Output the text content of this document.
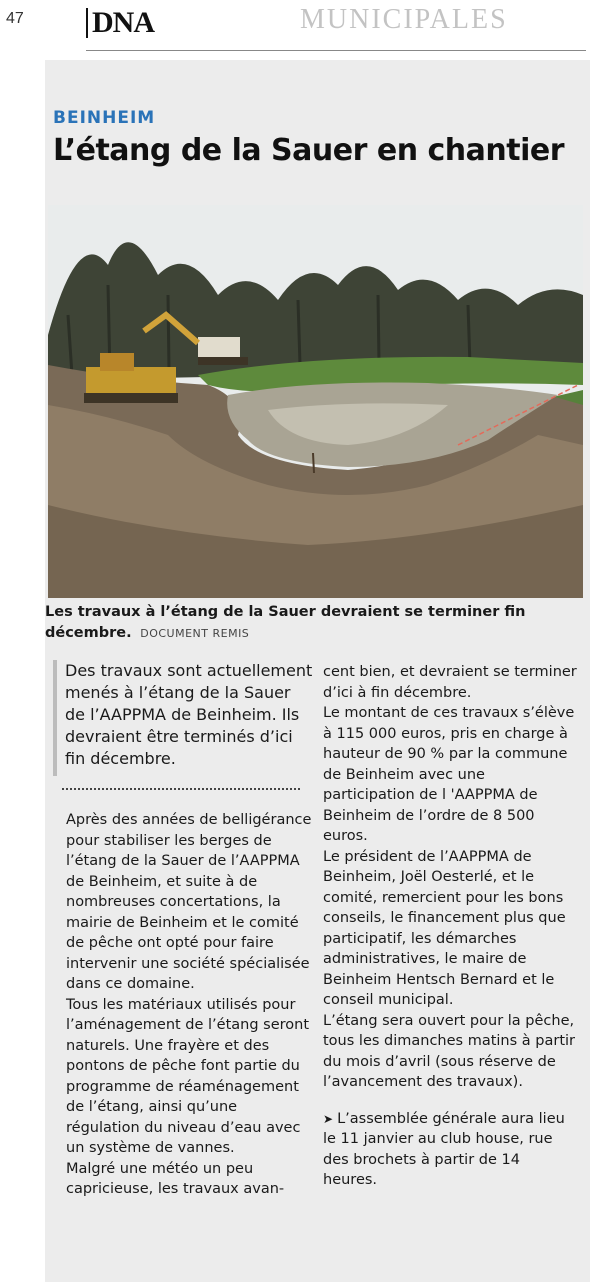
47 DNA	MUNICIPALES
BEINHEIM
L’étang de la Sauer en chantier
Les travaux à l’étang de la Sauer devraient se terminer fin décembre. DOCUMENT REMIS
Des travaux sont actuellement menés à l’étang de la Sauer de l’AAPPMA de Beinheim. Ils devraient être terminés d’ici fin décembre.

Après des années de belligérance pour stabiliser les berges de l’étang de la Sauer de l’AAPPMA de Beinheim, et suite à de nombreuses concertations, la mairie de Beinheim et le comité de pêche ont opté pour faire intervenir une société spécialisée dans ce domaine.

Tous les matériaux utilisés pour l’aménagement de l’étang seront naturels. Une frayère et des pontons de pêche font partie du programme de réaménagement de l’étang, ainsi qu’une régulation du niveau d’eau avec un système de vannes.

Malgré une météo un peu capricieuse, les travaux avan-

cent bien, et devraient se terminer d’ici à fin décembre.

Le montant de ces travaux s’élève à 115 000 euros, pris en charge à hauteur de 90 % par la commune de Beinheim avec une participation de l 'AAPPMA de Beinheim de l’ordre de 8 500 euros.

Le président de l’AAPPMA de Beinheim, Joël Oesterlé, et le comité, remercient pour les bons conseils, le financement plus que participatif, les démarches administratives, le maire de Beinheim Hentsch Bernard et le conseil municipal.

L’étang sera ouvert pour la pêche, tous les dimanches matins à partir du mois d’avril (sous réserve de l’avancement des travaux).

➤ L’assemblée générale aura lieu le 11 janvier au club house, rue des brochets à partir de 14 heures.
